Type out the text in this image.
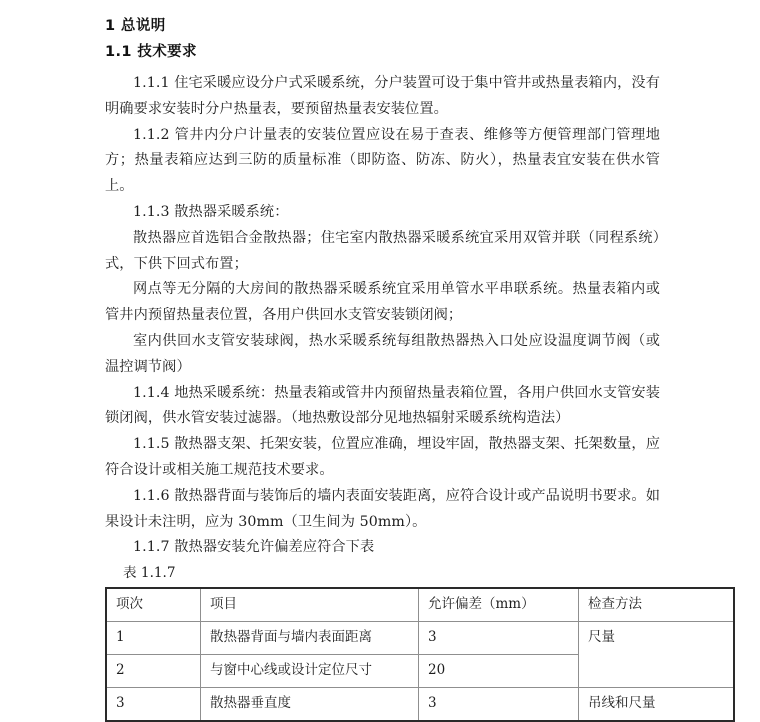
1 总说明
1.1 技术要求

1.1.1 住宅采暖应设分户式采暖系统，分户装置可设于集中管井或热量表箱内，没有明确要求安装时分户热量表，要预留热量表安装位置。

1.1.2 管井内分户计量表的安装位置应设在易于查表、维修等方便管理部门管理地方；热量表箱应达到三防的质量标准（即防盗、防冻、防火），热量表宜安装在供水管上。

1.1.3 散热器采暖系统：

散热器应首选铝合金散热器；住宅室内散热器采暖系统宜采用双管并联（同程系统）式，下供下回式布置；

网点等无分隔的大房间的散热器采暖系统宜采用单管水平串联系统。热量表箱内或管井内预留热量表位置，各用户供回水支管安装锁闭阀；

室内供回水支管安装球阀，热水采暖系统每组散热器热入口处应设温度调节阀（或温控调节阀）

1.1.4 地热采暖系统：热量表箱或管井内预留热量表箱位置，各用户供回水支管安装锁闭阀，供水管安装过滤器。（地热敷设部分见地热辐射采暖系统构造法）

1.1.5 散热器支架、托架安装，位置应准确，埋设牢固，散热器支架、托架数量，应符合设计或相关施工规范技术要求。

1.1.6 散热器背面与装饰后的墙内表面安装距离，应符合设计或产品说明书要求。如果设计未注明，应为 30mm（卫生间为 50mm）。

1.1.7 散热器安装允许偏差应符合下表

表 1.1.7

项次	项目	允许偏差（mm）	检查方法
1	散热器背面与墙内表面距离	3	尺量
2	与窗中心线或设计定位尺寸	20	
3	散热器垂直度	3	吊线和尺量
